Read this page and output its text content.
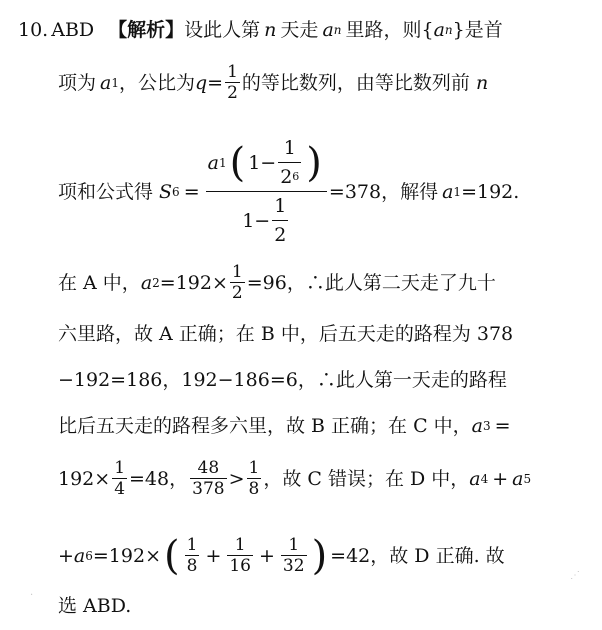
10. ABD 【解析】 设此人第 n 天走 a n 里路，则{ a n }是首
项为 a 1 ，公比为 $q = \frac{1}{2}$ 的等比数列，由等比数列前 n
项和公式得 S 6 =
a 1 ( $1- \frac{1}{2 6}$ )
$1- \frac{1}{2}$
=378，解得 a 1 =192.
在 A 中， a $2 =192\times \frac{1}{2} =96$，∴此人第二天走了九十
六里路，故 A 正确；在 B 中，后五天走的路程为 378
−192=186，192−186=6，∴此人第一天走的路程
比后五天走的路程多六里，故 B 正确；在 C 中， a 3 =
$192\times \frac{1}{4} =48$， $\frac{48}{378} > \frac{1}{8}$ ，故 C 错误；在 D 中， a 4 + a 5
+ a 6 =192× ( $\frac{1}{8} + \frac{1}{16} + \frac{1}{32}$ ) =42，故 D 正确. 故
选 ABD.
⋰
·
